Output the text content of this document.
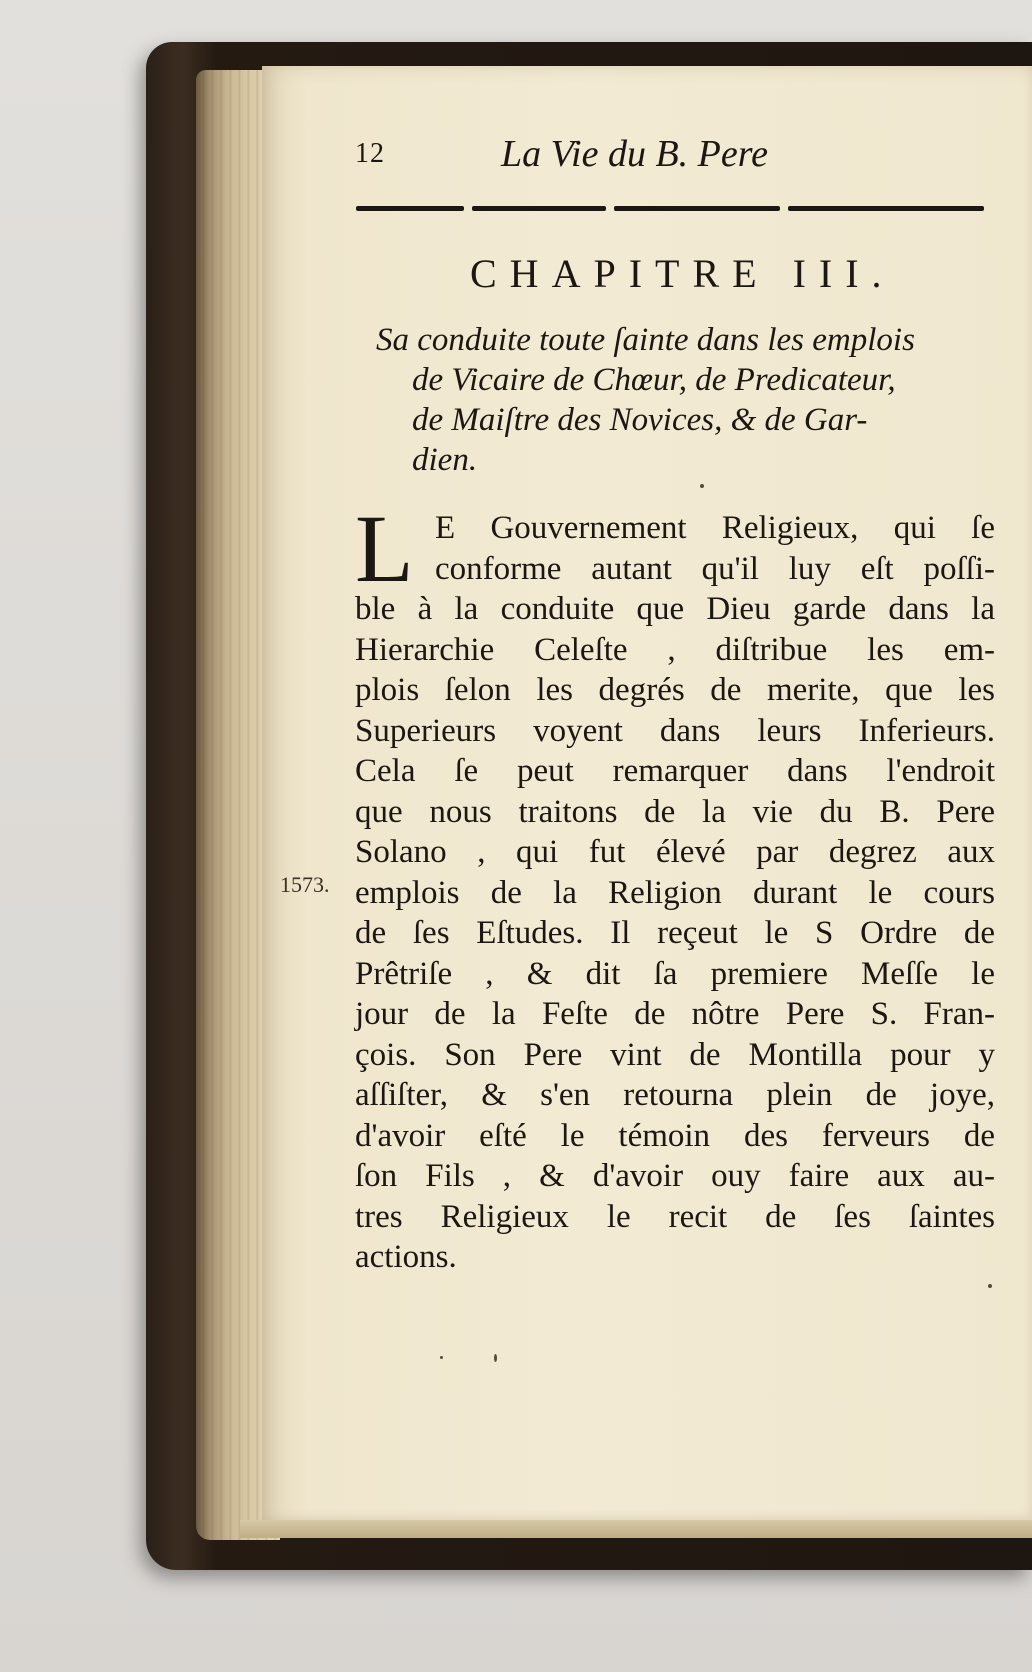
12	La Vie du B. Pere
CHAPITRE III.
Sa conduite toute ſainte dans les emplois
de Vicaire de Chœur, de Predicateur,
de Maiſtre des Novices, & de Gar-
dien.
L
1573.
E Gouvernement Religieux, qui ſe
conforme autant qu'il luy eſt poſſi-
ble à la conduite que Dieu garde dans la
Hierarchie Celeſte , diſtribue les em-
plois ſelon les degrés de merite, que les
Superieurs voyent dans leurs Inferieurs.
Cela ſe peut remarquer dans l'endroit
que nous traitons de la vie du B. Pere
Solano , qui fut élevé par degrez aux
emplois de la Religion durant le cours
de ſes Eſtudes. Il reçeut le S Ordre de
Prêtriſe , & dit ſa premiere Meſſe le
jour de la Feſte de nôtre Pere S. Fran-
çois. Son Pere vint de Montilla pour y
aſſiſter, & s'en retourna plein de joye,
d'avoir eſté le témoin des ferveurs de
ſon Fils , & d'avoir ouy faire aux au-
tres Religieux le recit de ſes ſaintes
actions.
